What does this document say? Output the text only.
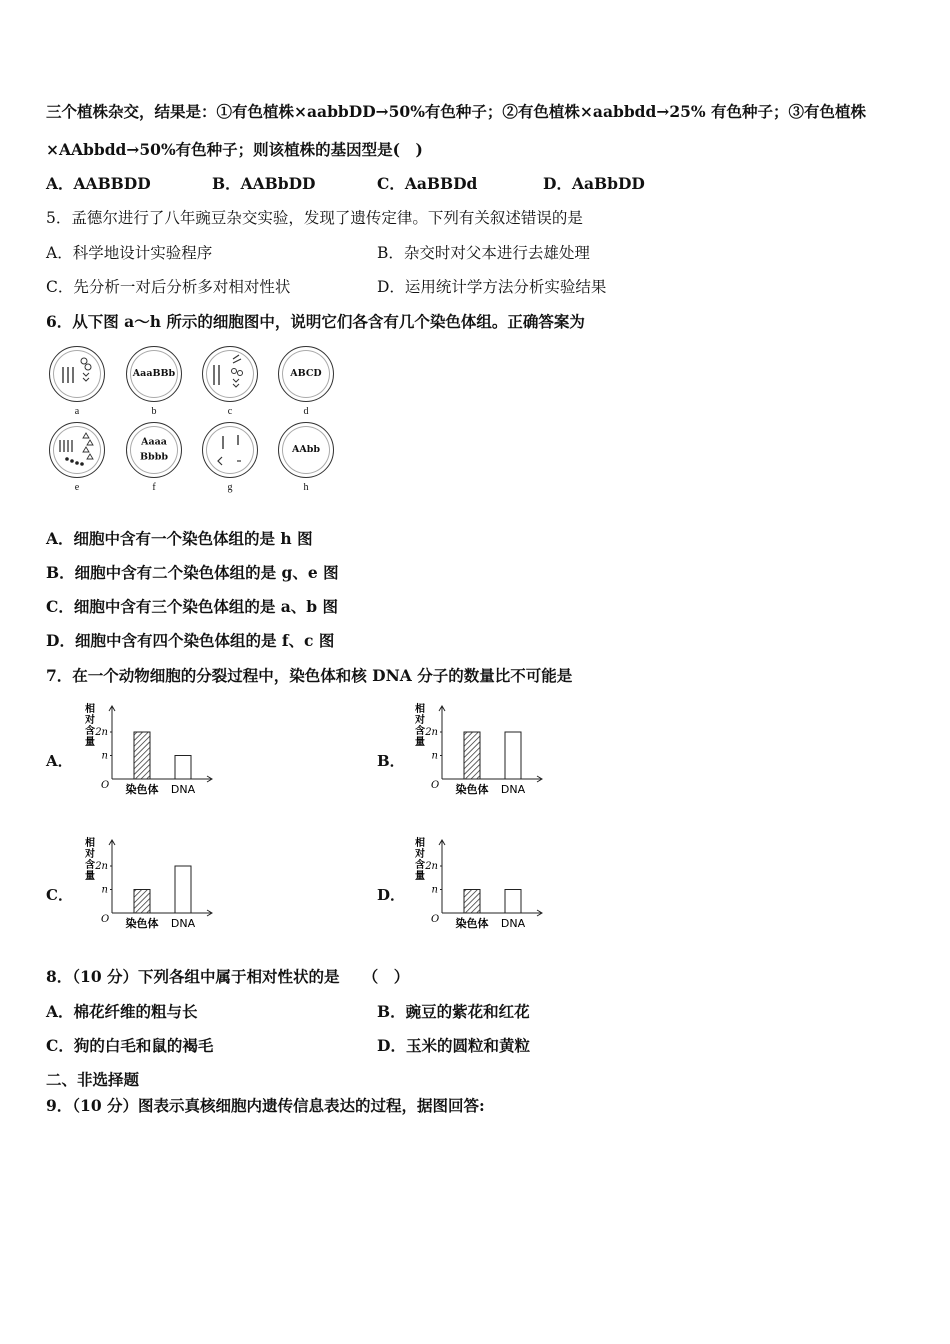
三个植株杂交，结果是：①有色植株×aabbDD→50%有色种子；②有色植株×aabbdd→25% 有色种子；③有色植株
×AAbbdd→50%有色种子；则该植株的基因型是(　)
A．AABBDD	B．AABbDD	C．AaBBDd	D．AaBbDD
5．孟德尔进行了八年豌豆杂交实验，发现了遗传定律。下列有关叙述错误的是
A．科学地设计实验程序	B．杂交时对父本进行去雄处理
C．先分析一对后分析多对相对性状	D．运用统计学方法分析实验结果
6．从下图 a～h 所示的细胞图中，说明它们各含有几个染色体组。正确答案为
a
AaaBBb
b	c
ABCD
d
e
Aaaa
Bbbb
f	g
AAbb
h
A．细胞中含有一个染色体组的是 h 图
B．细胞中含有二个染色体组的是 g、e 图
C．细胞中含有三个染色体组的是 a、b 图
D．细胞中含有四个染色体组的是 f、c 图
7．在一个动物细胞的分裂过程中，染色体和核 DNA 分子的数量比不可能是
A．
相
对
含
量
2n
n
O 染色体 DNA
B．
相
对
含
量
2n
n
O 染色体 DNA
C．
相
对
含
量
2n
n
O 染色体 DNA
D．
相
对
含
量
2n
n
O 染色体 DNA
8．（10 分）下列各组中属于相对性状的是　　（　）
A．棉花纤维的粗与长	B．豌豆的紫花和红花
C．狗的白毛和鼠的褐毛	D．玉米的圆粒和黄粒
二、非选择题
9．（10 分）图表示真核细胞内遗传信息表达的过程，据图回答:
